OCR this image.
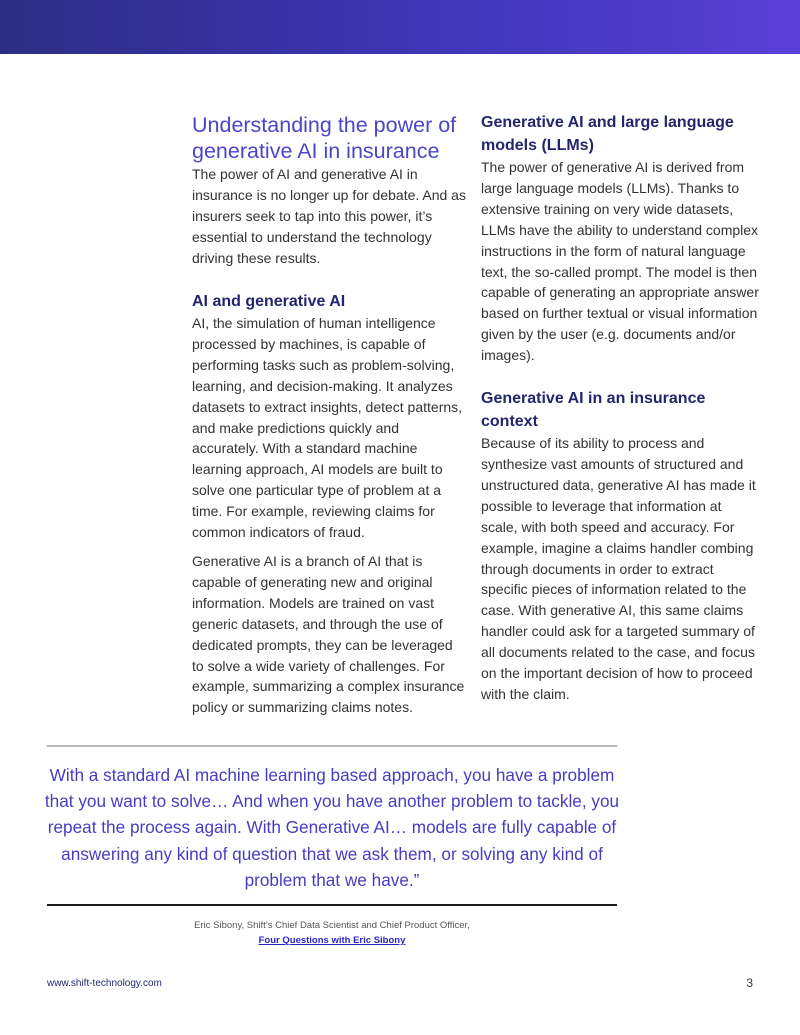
Understanding the power of generative AI in insurance

The power of AI and generative AI in insurance is no longer up for debate. And as insurers seek to tap into this power, it’s essential to understand the technology driving these results.

AI and generative AI

AI, the simulation of human intelligence processed by machines, is capable of performing tasks such as problem-solving, learning, and decision-making. It analyzes datasets to extract insights, detect patterns, and make predictions quickly and accurately. With a standard machine learning approach, AI models are built to solve one particular type of problem at a time. For example, reviewing claims for common indicators of fraud.

Generative AI is a branch of AI that is capable of generating new and original information. Models are trained on vast generic datasets, and through the use of dedicated prompts, they can be leveraged to solve a wide variety of challenges. For example, summarizing a complex insurance policy or summarizing claims notes.

Generative AI and large language models (LLMs)

The power of generative AI is derived from large language models (LLMs). Thanks to extensive training on very wide datasets, LLMs have the ability to understand complex instructions in the form of natural language text, the so-called prompt. The model is then capable of generating an appropriate answer based on further textual or visual information given by the user (e.g. documents and/or images).

Generative AI in an insurance context

Because of its ability to process and synthesize vast amounts of structured and unstructured data, generative AI has made it possible to leverage that information at scale, with both speed and accuracy. For example, imagine a claims handler combing through documents in order to extract specific pieces of information related to the case. With generative AI, this same claims handler could ask for a targeted summary of all documents related to the case, and focus on the important decision of how to proceed with the claim.

With a standard AI machine learning based approach, you have a problem that you want to solve… And when you have another problem to tackle, you repeat the process again. With Generative AI… models are fully capable of answering any kind of question that we ask them, or solving any kind of problem that we have.”

Eric Sibony, Shift’s Chief Data Scientist and Chief Product Officer,
Four Questions with Eric Sibony
www.shift-technology.com	3
